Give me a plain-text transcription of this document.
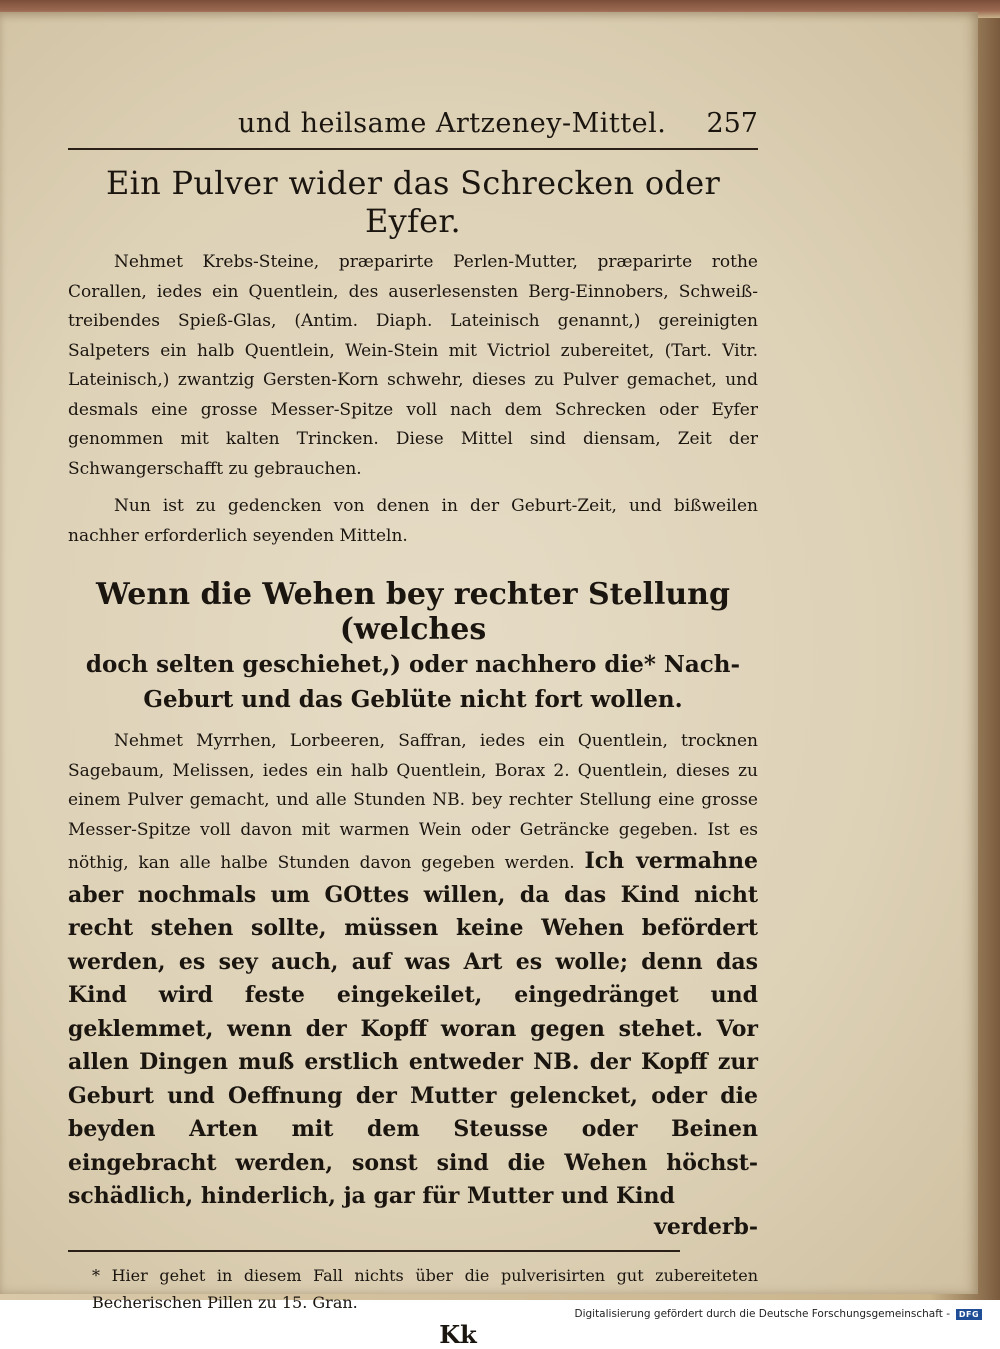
und heilsame Artzeney-Mittel. 257
Ein Pulver wider das Schrecken oder Eyfer.

Nehmet Krebs-Steine, præparirte Perlen-Mutter, præparirte rothe Corallen, iedes ein Quentlein, des auserlesensten Berg-Einnobers, Schweiß-treibendes Spieß-Glas, (Antim. Diaph. Lateinisch genannt,) gereinigten Salpeters ein halb Quentlein, Wein-Stein mit Victriol zubereitet, (Tart. Vitr. Lateinisch,) zwantzig Gersten-Korn schwehr, dieses zu Pulver gemachet, und desmals eine grosse Messer-Spitze voll nach dem Schrecken oder Eyfer genommen mit kalten Trincken. Diese Mittel sind diensam, Zeit der Schwangerschafft zu gebrauchen.

Nun ist zu gedencken von denen in der Geburt-Zeit, und bißweilen nachher erforderlich seyenden Mitteln.

Wenn die Wehen bey rechter Stellung (welches
doch selten geschiehet,) oder nachhero die* Nach-Geburt und das Geblüte nicht fort wollen.

Nehmet Myrrhen, Lorbeeren, Saffran, iedes ein Quentlein, trocknen Sagebaum, Melissen, iedes ein halb Quentlein, Borax 2. Quentlein, dieses zu einem Pulver gemacht, und alle Stunden NB. bey rechter Stellung eine grosse Messer-Spitze voll davon mit warmen Wein oder Geträncke gegeben. Ist es nöthig, kan alle halbe Stunden davon gegeben werden. Ich vermahne aber nochmals um GOttes willen, da das Kind nicht recht stehen sollte, müssen keine Wehen befördert werden, es sey auch, auf was Art es wolle; denn das Kind wird feste eingekeilet, eingedränget und geklemmet, wenn der Kopff woran gegen stehet. Vor allen Dingen muß erstlich entweder NB. der Kopff zur Geburt und Oeffnung der Mutter gelencket, oder die beyden Arten mit dem Steusse oder Beinen eingebracht werden, sonst sind die Wehen höchst-schädlich, hinderlich, ja gar für Mutter und Kind

verderb-

* Hier gehet in diesem Fall nichts über die pulverisirten gut zubereiteten Becherischen Pillen zu 15. Gran.

Kk
Digitalisierung gefördert durch die Deutsche Forschungsgemeinschaft -	DFG
